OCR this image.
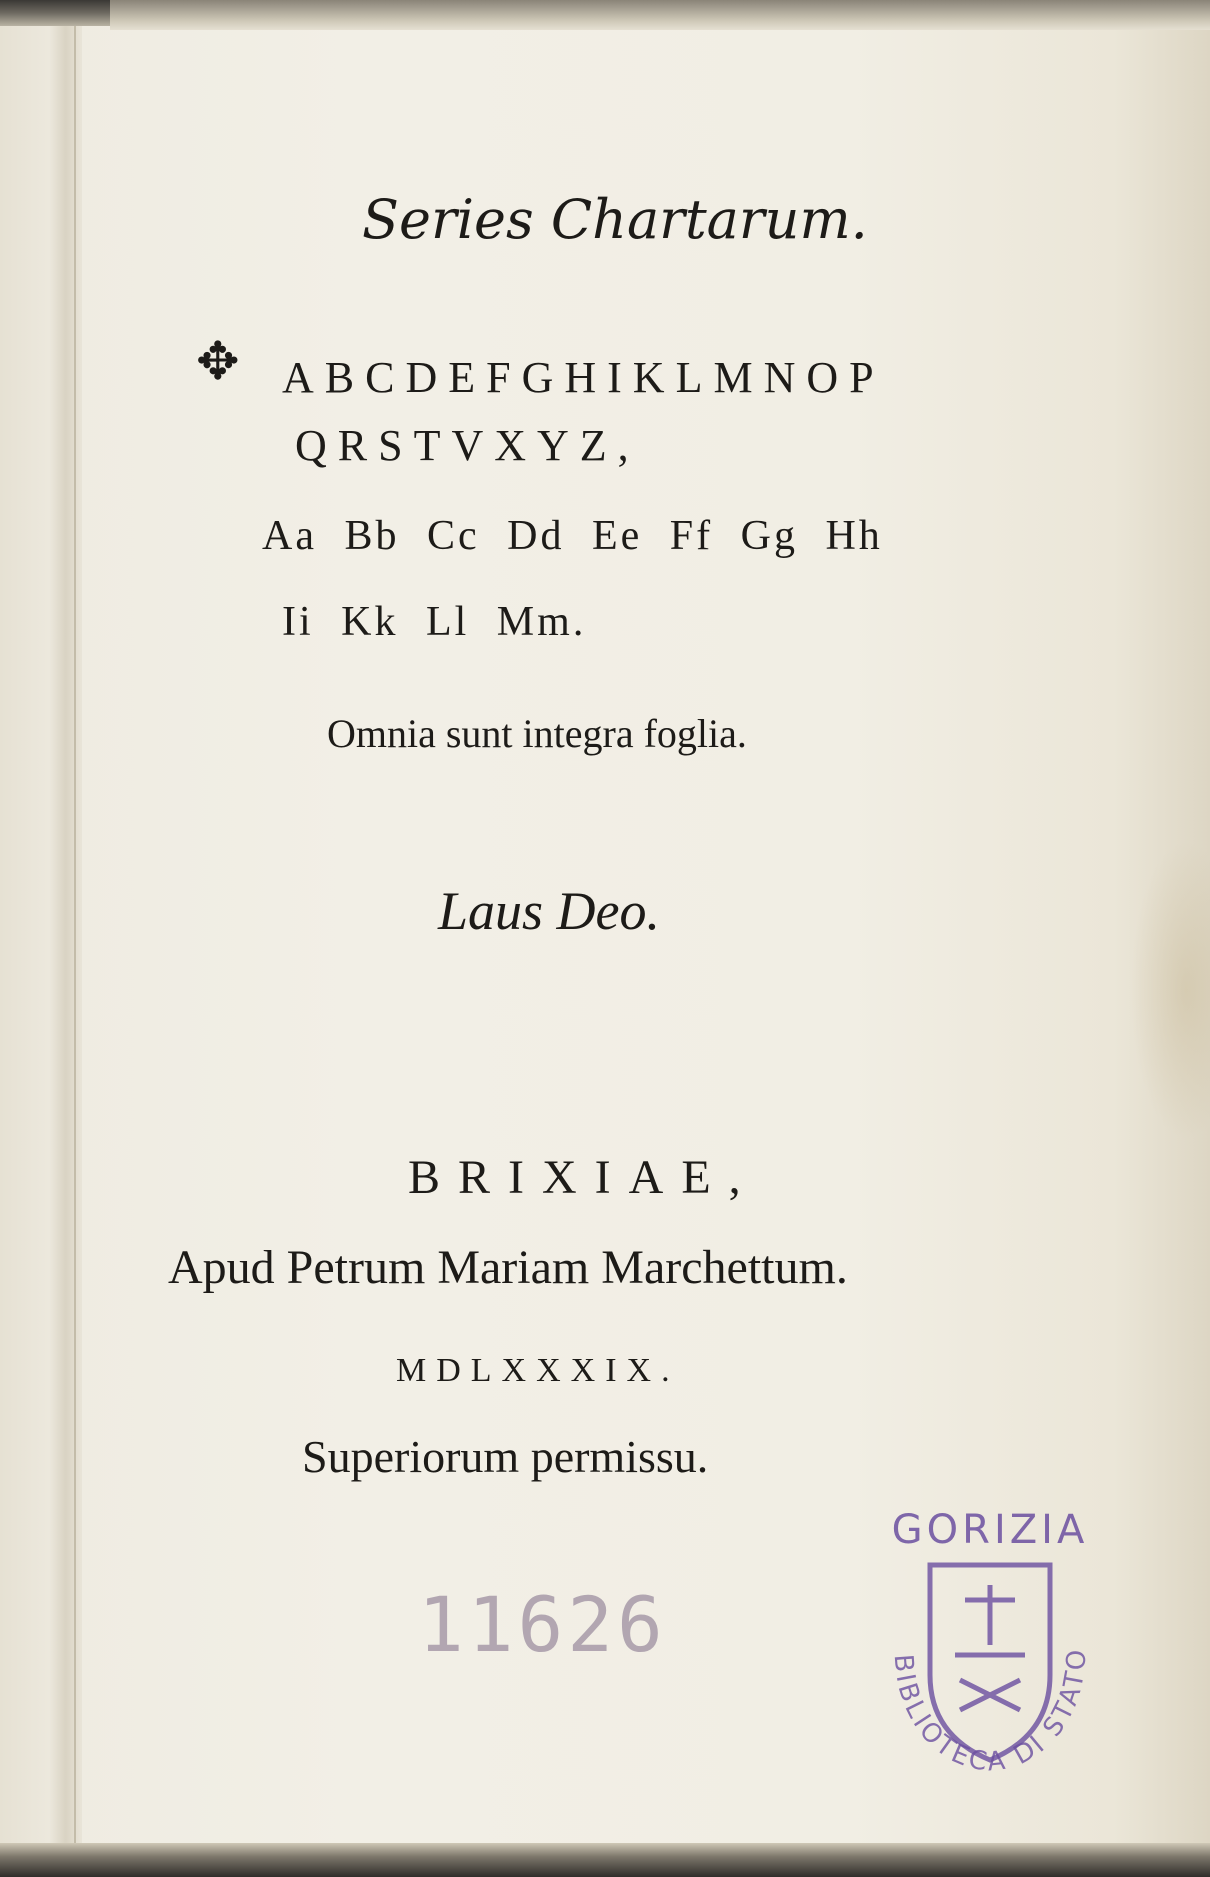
Series Chartarum.
✥ ABCDEFGHIKLMNOP
QRSTVXYZ,
Aa Bb Cc Dd Ee Ff Gg Hh
Ii Kk Ll Mm.
Omnia sunt integra foglia.
Laus Deo.
BRIXIAE,
Apud Petrum Mariam Marchettum.
MDLXXXIX.
Superiorum permissu.
11626
GORIZIA
BIBLIOTECA DI STATO
